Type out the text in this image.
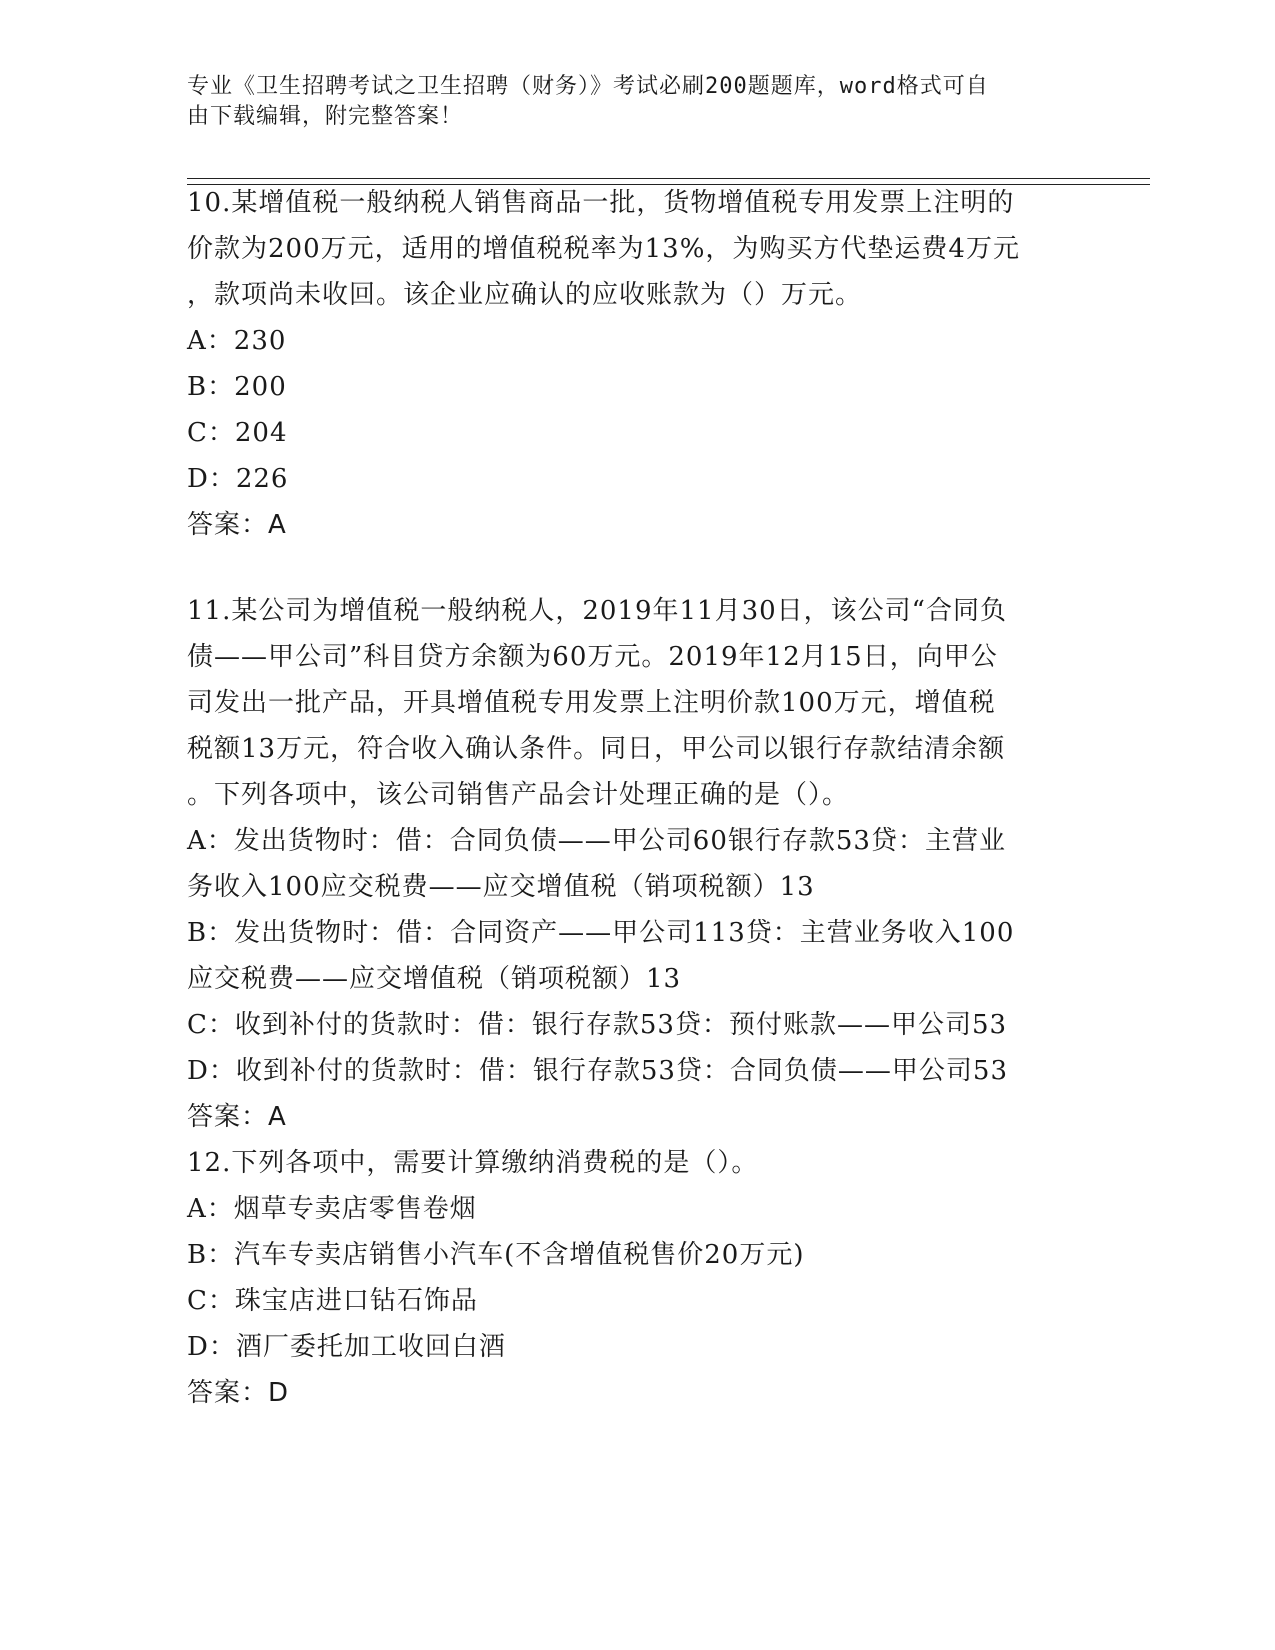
专业《卫生招聘考试之卫生招聘（财务）》考试必刷200题题库，word格式可自
由下载编辑，附完整答案！
10.某增值税一般纳税人销售商品一批，货物增值税专用发票上注明的
价款为200万元，适用的增值税税率为13%，为购买方代垫运费4万元
，款项尚未收回。该企业应确认的应收账款为（）万元。
A：230
B：200
C：204
D：226
答案：A
11.某公司为增值税一般纳税人，2019年11月30日，该公司“合同负
债——甲公司”科目贷方余额为60万元。2019年12月15日，向甲公
司发出一批产品，开具增值税专用发票上注明价款100万元，增值税
税额13万元，符合收入确认条件。同日，甲公司以银行存款结清余额
。下列各项中，该公司销售产品会计处理正确的是（）。
A：发出货物时：借：合同负债——甲公司60银行存款53贷：主营业
务收入100应交税费——应交增值税（销项税额）13
B：发出货物时：借：合同资产——甲公司113贷：主营业务收入100
应交税费——应交增值税（销项税额）13
C：收到补付的货款时：借：银行存款53贷：预付账款——甲公司53
D：收到补付的货款时：借：银行存款53贷：合同负债——甲公司53
答案：A
12.下列各项中，需要计算缴纳消费税的是（）。
A：烟草专卖店零售卷烟
B：汽车专卖店销售小汽车(不含增值税售价20万元)
C：珠宝店进口钻石饰品
D：酒厂委托加工收回白酒
答案：D
